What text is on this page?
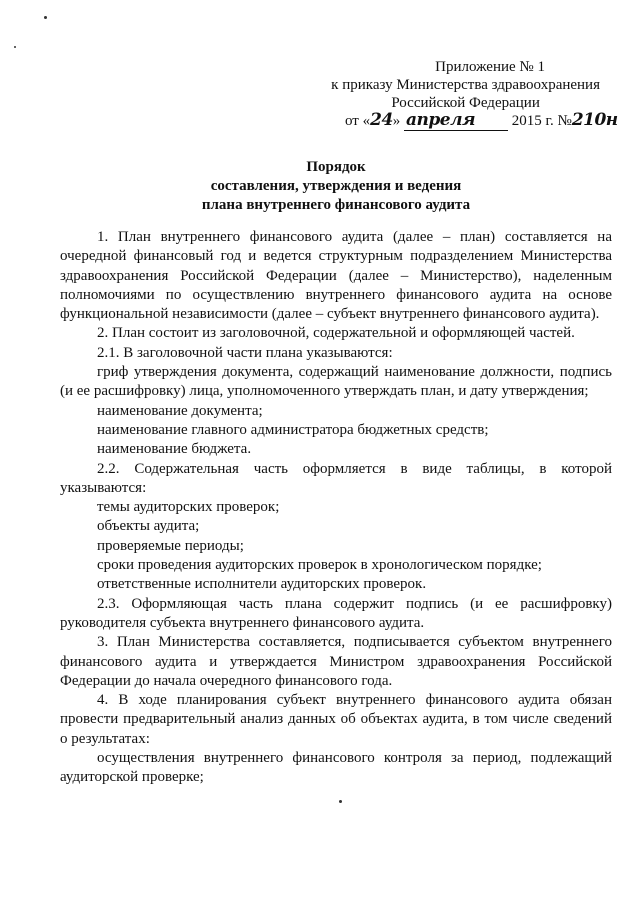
Приложение № 1
к приказу Министерства здравоохранения
Российской Федерации
от «24» апреля 2015 г. №210н
Порядок
составления, утверждения и ведения
плана внутреннего финансового аудита

1. План внутреннего финансового аудита (далее – план) составляется на очередной финансовый год и ведется структурным подразделением Министерства здравоохранения Российской Федерации (далее – Министерство), наделенным полномочиями по осуществлению внутреннего финансового аудита на основе функциональной независимости (далее – субъект внутреннего финансового аудита).

2. План состоит из заголовочной, содержательной и оформляющей частей.

2.1. В заголовочной части плана указываются:

гриф утверждения документа, содержащий наименование должности, подпись (и ее расшифровку) лица, уполномоченного утверждать план, и дату утверждения;

наименование документа;

наименование главного администратора бюджетных средств;

наименование бюджета.

2.2. Содержательная часть оформляется в виде таблицы, в которой указываются:

темы аудиторских проверок;

объекты аудита;

проверяемые периоды;

сроки проведения аудиторских проверок в хронологическом порядке;

ответственные исполнители аудиторских проверок.

2.3. Оформляющая часть плана содержит подпись (и ее расшифровку) руководителя субъекта внутреннего финансового аудита.

3. План Министерства составляется, подписывается субъектом внутреннего финансового аудита и утверждается Министром здравоохранения Российской Федерации до начала очередного финансового года.

4. В ходе планирования субъект внутреннего финансового аудита обязан провести предварительный анализ данных об объектах аудита, в том числе сведений о результатах:

осуществления внутреннего финансового контроля за период, подлежащий аудиторской проверке;
